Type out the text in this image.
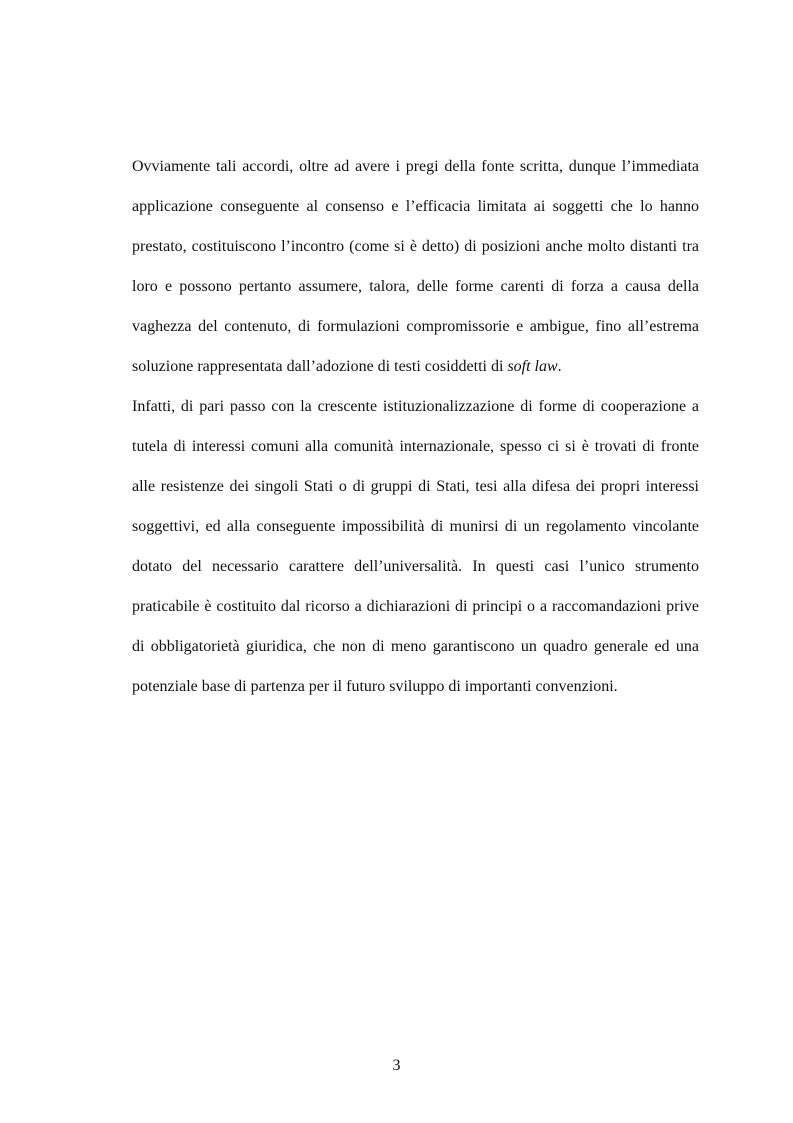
Ovviamente tali accordi, oltre ad avere i pregi della fonte scritta, dunque l’immediata applicazione conseguente al consenso e l’efficacia limitata ai soggetti che lo hanno prestato, costituiscono l’incontro (come si è detto) di posizioni anche molto distanti tra loro e possono pertanto assumere, talora, delle forme carenti di forza a causa della vaghezza del contenuto, di formulazioni compromissorie e ambigue, fino all’estrema soluzione rappresentata dall’adozione di testi cosiddetti di soft law.

Infatti, di pari passo con la crescente istituzionalizzazione di forme di cooperazione a tutela di interessi comuni alla comunità internazionale, spesso ci si è trovati di fronte alle resistenze dei singoli Stati o di gruppi di Stati, tesi alla difesa dei propri interessi soggettivi, ed alla conseguente impossibilità di munirsi di un regolamento vincolante dotato del necessario carattere dell’universalità. In questi casi l’unico strumento praticabile è costituito dal ricorso a dichiarazioni di principi o a raccomandazioni prive di obbligatorietà giuridica, che non di meno garantiscono un quadro generale ed una potenziale base di partenza per il futuro sviluppo di importanti convenzioni.

3
